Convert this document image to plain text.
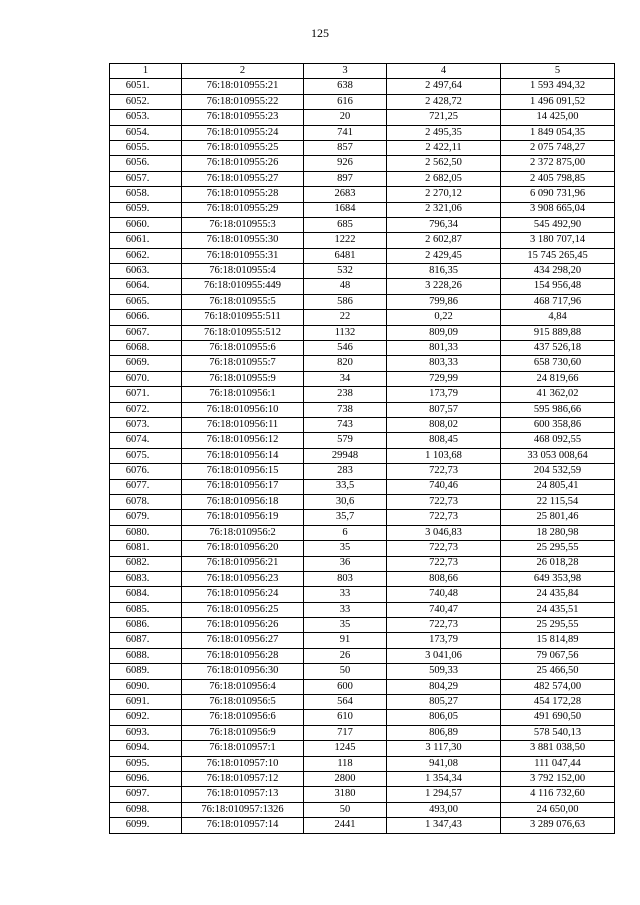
125
1	2	3	4	5
6051.	76:18:010955:21	638	2 497,64	1 593 494,32
6052.	76:18:010955:22	616	2 428,72	1 496 091,52
6053.	76:18:010955:23	20	721,25	14 425,00
6054.	76:18:010955:24	741	2 495,35	1 849 054,35
6055.	76:18:010955:25	857	2 422,11	2 075 748,27
6056.	76:18:010955:26	926	2 562,50	2 372 875,00
6057.	76:18:010955:27	897	2 682,05	2 405 798,85
6058.	76:18:010955:28	2683	2 270,12	6 090 731,96
6059.	76:18:010955:29	1684	2 321,06	3 908 665,04
6060.	76:18:010955:3	685	796,34	545 492,90
6061.	76:18:010955:30	1222	2 602,87	3 180 707,14
6062.	76:18:010955:31	6481	2 429,45	15 745 265,45
6063.	76:18:010955:4	532	816,35	434 298,20
6064.	76:18:010955:449	48	3 228,26	154 956,48
6065.	76:18:010955:5	586	799,86	468 717,96
6066.	76:18:010955:511	22	0,22	4,84
6067.	76:18:010955:512	1132	809,09	915 889,88
6068.	76:18:010955:6	546	801,33	437 526,18
6069.	76:18:010955:7	820	803,33	658 730,60
6070.	76:18:010955:9	34	729,99	24 819,66
6071.	76:18:010956:1	238	173,79	41 362,02
6072.	76:18:010956:10	738	807,57	595 986,66
6073.	76:18:010956:11	743	808,02	600 358,86
6074.	76:18:010956:12	579	808,45	468 092,55
6075.	76:18:010956:14	29948	1 103,68	33 053 008,64
6076.	76:18:010956:15	283	722,73	204 532,59
6077.	76:18:010956:17	33,5	740,46	24 805,41
6078.	76:18:010956:18	30,6	722,73	22 115,54
6079.	76:18:010956:19	35,7	722,73	25 801,46
6080.	76:18:010956:2	6	3 046,83	18 280,98
6081.	76:18:010956:20	35	722,73	25 295,55
6082.	76:18:010956:21	36	722,73	26 018,28
6083.	76:18:010956:23	803	808,66	649 353,98
6084.	76:18:010956:24	33	740,48	24 435,84
6085.	76:18:010956:25	33	740,47	24 435,51
6086.	76:18:010956:26	35	722,73	25 295,55
6087.	76:18:010956:27	91	173,79	15 814,89
6088.	76:18:010956:28	26	3 041,06	79 067,56
6089.	76:18:010956:30	50	509,33	25 466,50
6090.	76:18:010956:4	600	804,29	482 574,00
6091.	76:18:010956:5	564	805,27	454 172,28
6092.	76:18:010956:6	610	806,05	491 690,50
6093.	76:18:010956:9	717	806,89	578 540,13
6094.	76:18:010957:1	1245	3 117,30	3 881 038,50
6095.	76:18:010957:10	118	941,08	111 047,44
6096.	76:18:010957:12	2800	1 354,34	3 792 152,00
6097.	76:18:010957:13	3180	1 294,57	4 116 732,60
6098.	76:18:010957:1326	50	493,00	24 650,00
6099.	76:18:010957:14	2441	1 347,43	3 289 076,63
